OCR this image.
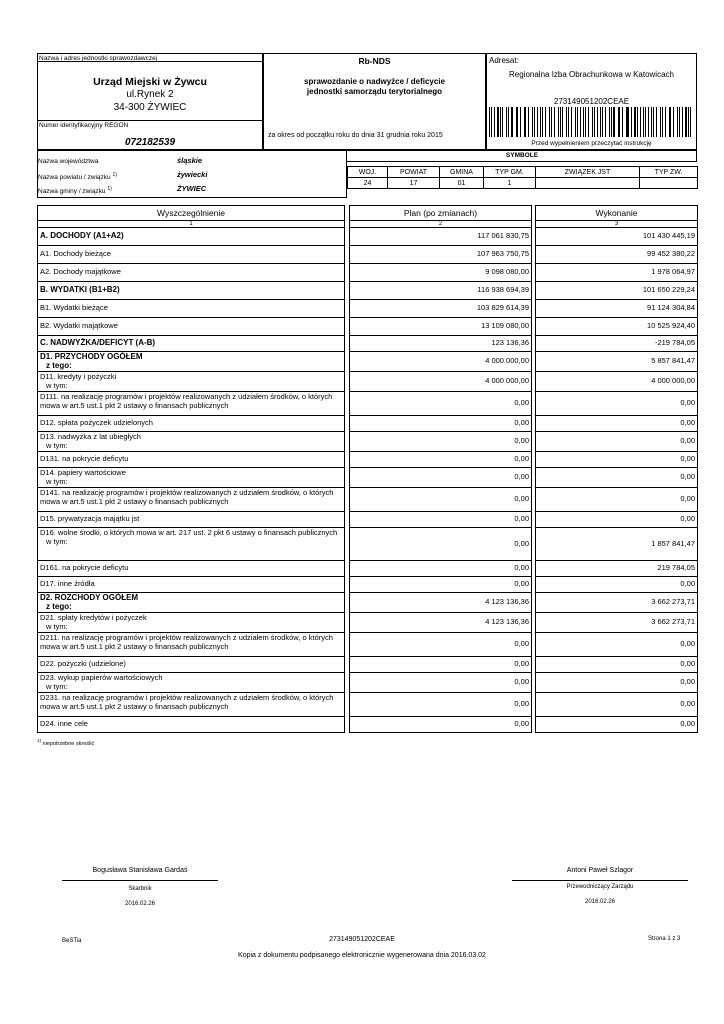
Nazwa i adres jednostki sprawozdawczej
Urząd Miejski w Żywcu
ul.Rynek 2
34-300 ŻYWIEC
Numer identyfikacyjny REGON
072182539
Rb-NDS
sprawozdanie o nadwyżce / deficycie
jednostki samorządu terytorialnego
za okres od początku roku do dnia 31 grudnia roku 2015
Adresat:
Regionalna Izba Obrachunkowa w Katowicach
273149051202CEAE
Przed wypełnieniem przeczytać instrukcję
Nazwa województwa	śląskie
Nazwa powiatu / związku $^{1)}$	żywiecki
Nazwa gminy / związku $^{1)}$	ŻYWIEC
SYMBOLE
WOJ.	POWIAT	GMINA	TYP GM.	ZWIĄZEK JST	TYP ZW.
24	17	01	1		
Wyszczególnienie		Plan (po zmianach)		Wykonanie
1		2		3

A. DOCHODY (A1+A2)		117 061 830,75		101 430 445,19

A1. Dochody bieżące		107 963 750,75		99 452 380,22

A2. Dochody majątkowe		9 098 080,00		1 978 064,97

B. WYDATKI (B1+B2)		116 938 694,39		101 650 229,24

B1. Wydatki bieżące		103 829 614,39		91 124 304,84

B2. Wydatki majątkowe		13 109 080,00		10 525 924,40

C. NADWYŻKA/DEFICYT (A-B)		123 136,36		-219 784,05

D1. PRZYCHODY OGÓŁEM
z tego:		4 000 000,00		5 857 841,47

D11. kredyty i pożyczki
w tym:		4 000 000,00		4 000 000,00

D111. na realizację programów i projektów realizowanych z udziałem środków, o których mowa w art.5 ust.1 pkt 2 ustawy o finansach publicznych		0,00		0,00

D12. spłata pożyczek udzielonych		0,00		0,00

D13. nadwyżka z lat ubiegłych
w tym:		0,00		0,00

D131. na pokrycie deficytu		0,00		0,00

D14. papiery wartościowe
w tym:		0,00		0,00

D141. na realizację programów i projektów realizowanych z udziałem środków, o których mowa w art.5 ust.1 pkt 2 ustawy o finansach publicznych		0,00		0,00

D15. prywatyzacja majątku jst		0,00		0,00

D16. wolne środki, o których mowa w art. 217 ust. 2 pkt 6 ustawy o finansach publicznych
w tym:		0,00		1 857 841,47

D161. na pokrycie deficytu		0,00		219 784,05

D17. inne źródła		0,00		0,00

D2. ROZCHODY OGÓŁEM
z tego:		4 123 136,36		3 662 273,71

D21. spłaty kredytów i pożyczek
w tym:		4 123 136,36		3 662 273,71

D211. na realizację programów i projektów realizowanych z udziałem środków, o których mowa w art.5 ust.1 pkt 2 ustawy o finansach publicznych		0,00		0,00

D22. pożyczki (udzielone)		0,00		0,00

D23. wykup papierów wartościowych
w tym:		0,00		0,00

D231. na realizację programów i projektów realizowanych z udziałem środków, o których mowa w art.5 ust.1 pkt 2 ustawy o finansach publicznych		0,00		0,00

D24. inne cele		0,00		0,00
$^{1)}$ niepotrzebne skreślić
Bogusława Stanisława Gardaś
Skarbnik
2016.02.26
Antoni Paweł Szlagor
Przewodniczący Zarządu
2016.02.26
BeSTia	273149051202CEAE	Strona 1 z 3
Kopia z dokumentu podpisanego elektronicznie wygenerowana dnia 2016.03.02
